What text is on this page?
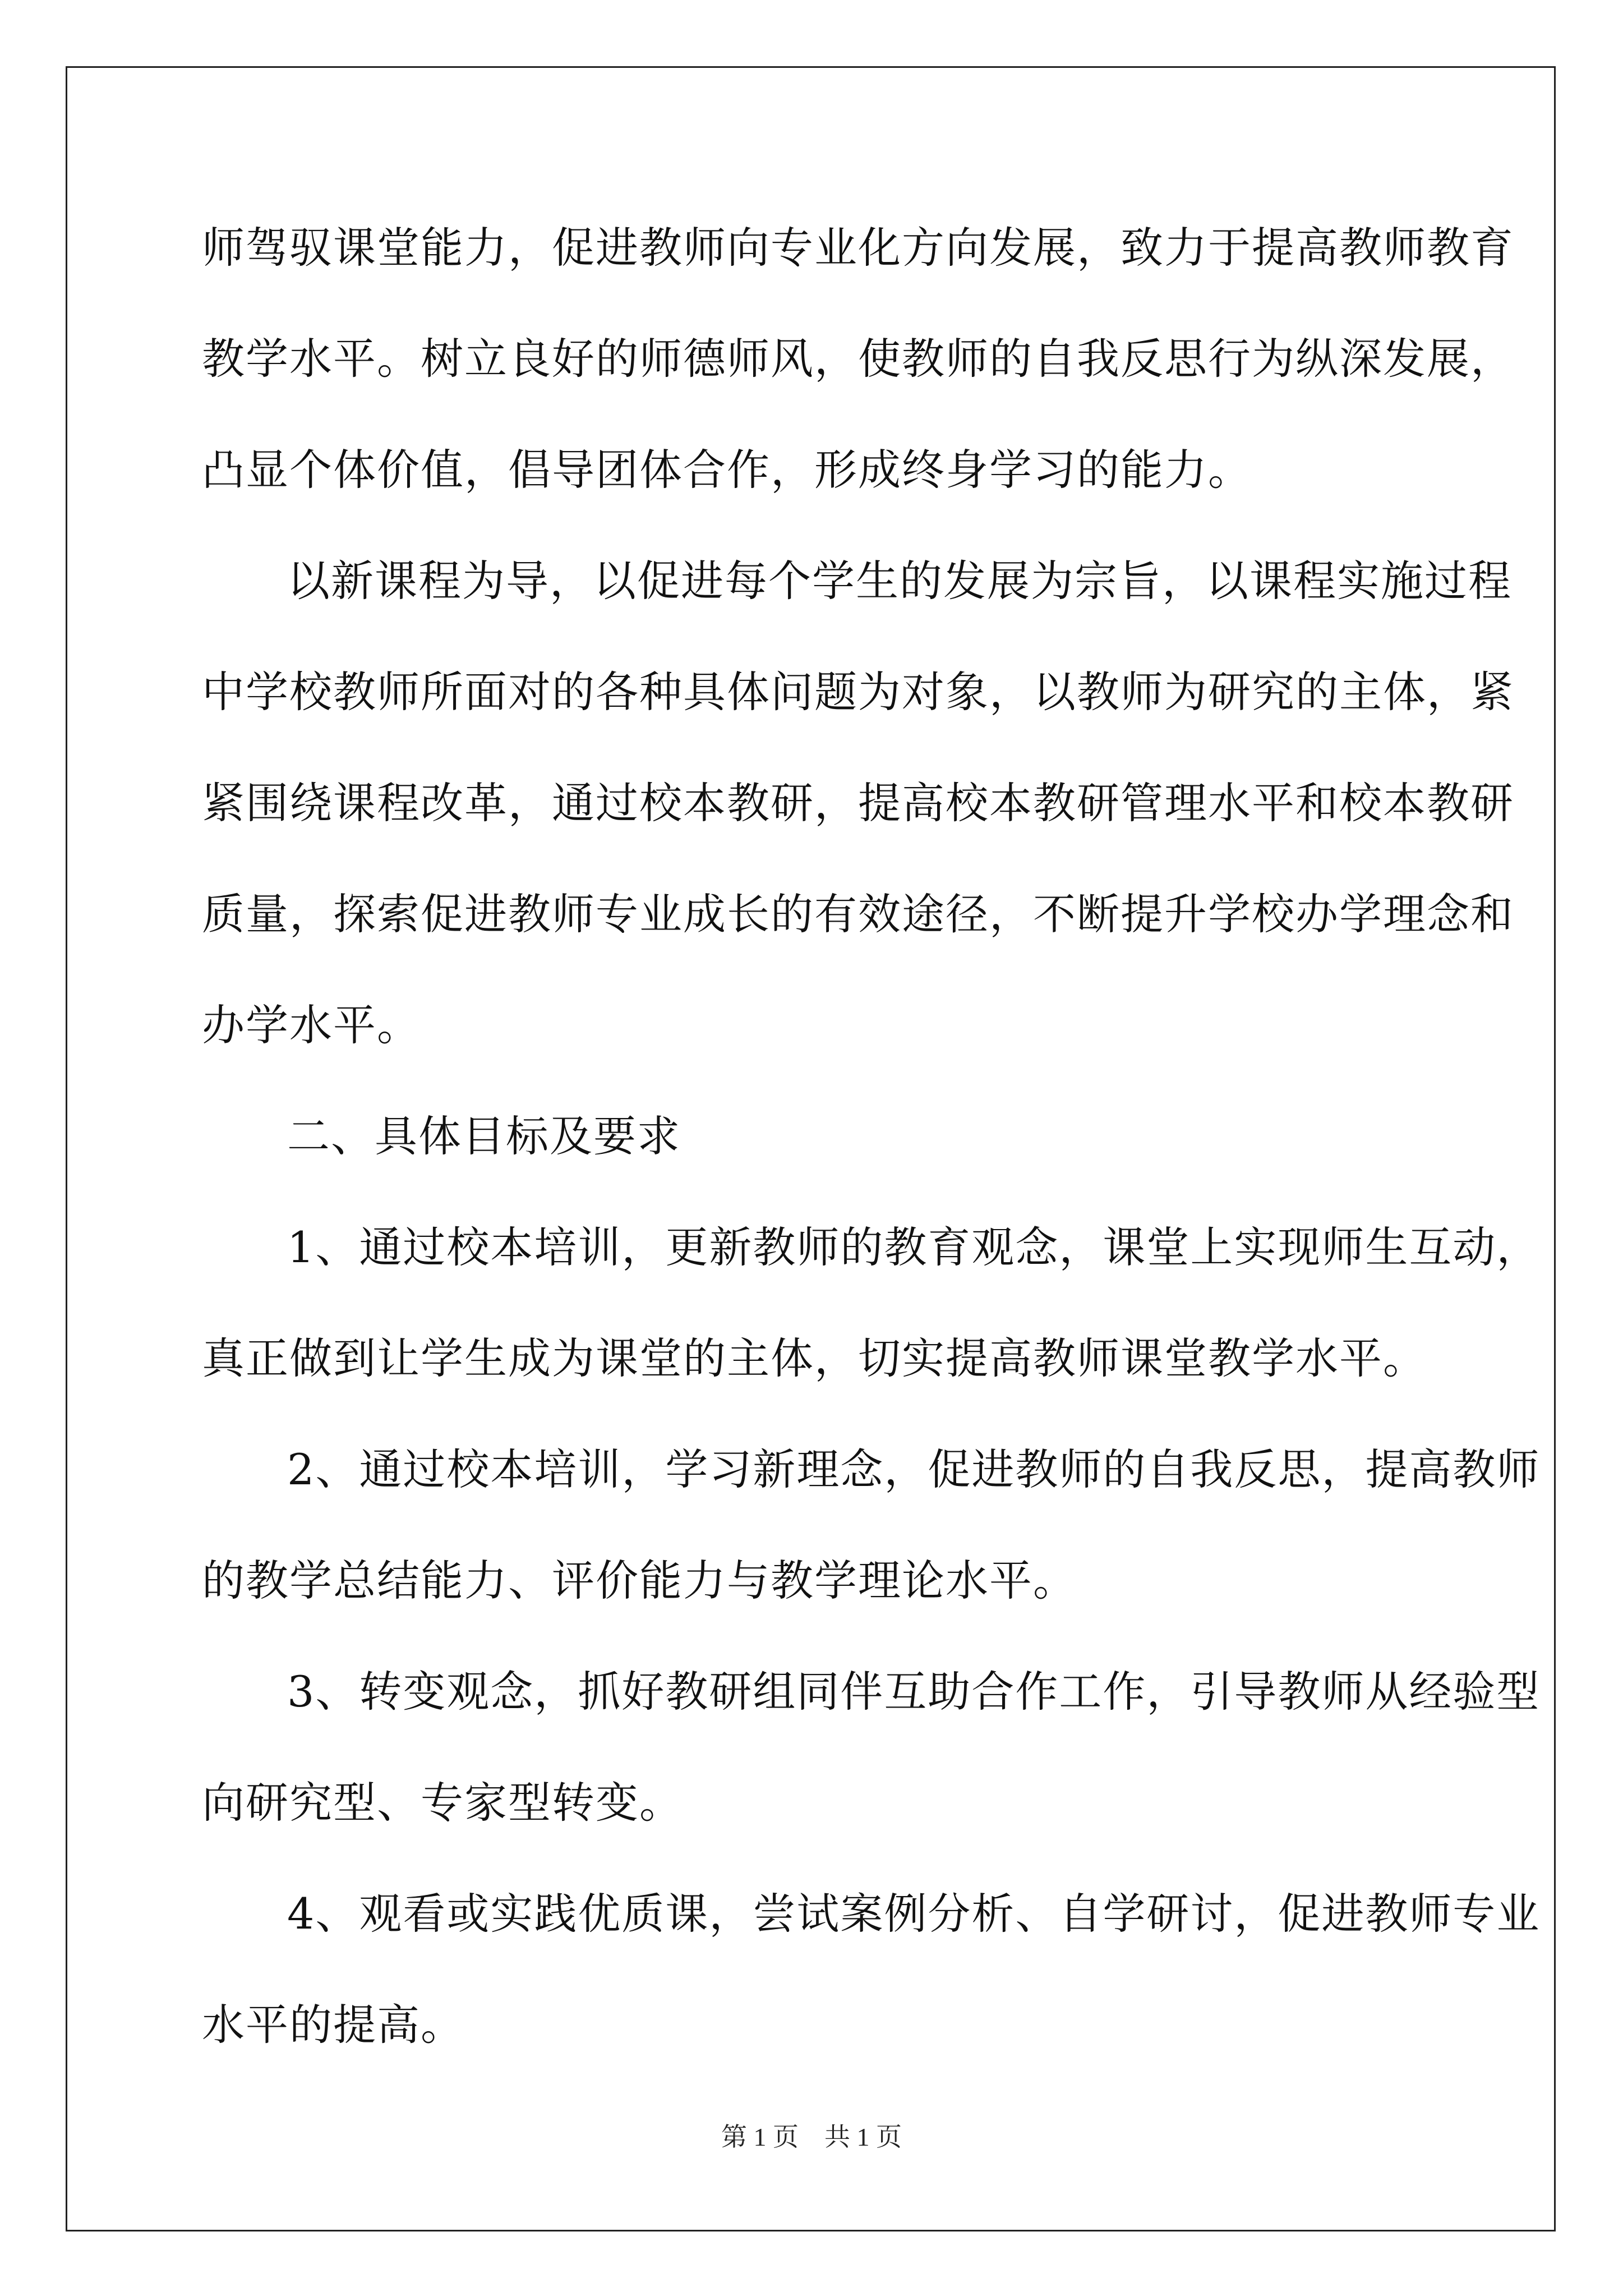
师驾驭课堂能力，促进教师向专业化方向发展，致力于提高教师教育
教学水平。树立良好的师德师风，使教师的自我反思行为纵深发展，
凸显个体价值，倡导团体合作，形成终身学习的能力。
以新课程为导，以促进每个学生的发展为宗旨，以课程实施过程
中学校教师所面对的各种具体问题为对象，以教师为研究的主体，紧
紧围绕课程改革，通过校本教研，提高校本教研管理水平和校本教研
质量，探索促进教师专业成长的有效途径，不断提升学校办学理念和
办学水平。
二、具体目标及要求
1、通过校本培训，更新教师的教育观念，课堂上实现师生互动，
真正做到让学生成为课堂的主体，切实提高教师课堂教学水平。
2、通过校本培训，学习新理念，促进教师的自我反思，提高教师
的教学总结能力、评价能力与教学理论水平。
3、转变观念，抓好教研组同伴互助合作工作，引导教师从经验型
向研究型、专家型转变。
4、观看或实践优质课，尝试案例分析、自学研讨，促进教师专业
水平的提高。
第 1 页　共 1 页
